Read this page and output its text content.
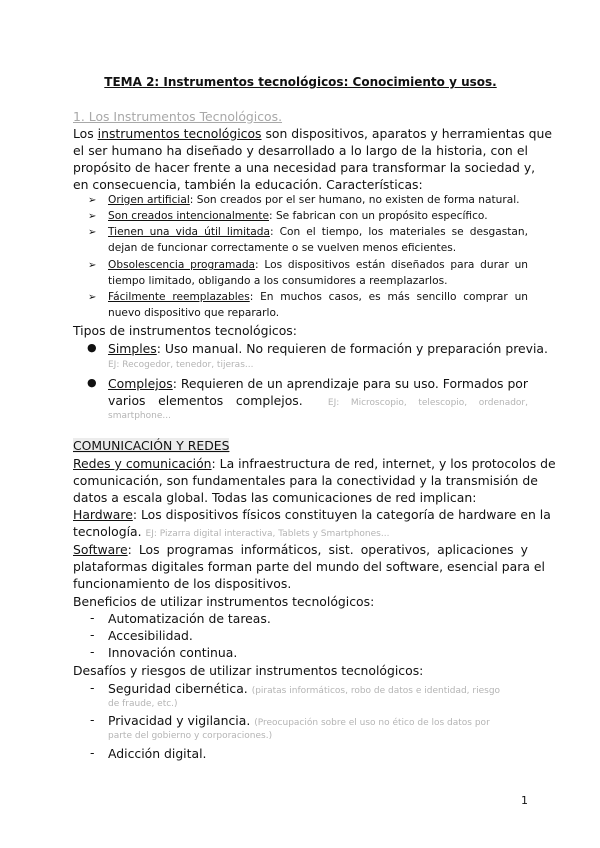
TEMA 2: Instrumentos tecnológicos: Conocimiento y usos.
1. Los Instrumentos Tecnológicos.
Los instrumentos tecnológicos son dispositivos, aparatos y herramientas que
el ser humano ha diseñado y desarrollado a lo largo de la historia, con el
propósito de hacer frente a una necesidad para transformar la sociedad y,
en consecuencia, también la educación. Características:
➢ Origen artificial: Son creados por el ser humano, no existen de forma natural.
➢ Son creados intencionalmente: Se fabrican con un propósito específico.
➢ Tienen una vida útil limitada: Con el tiempo, los materiales se desgastan,
dejan de funcionar correctamente o se vuelven menos eficientes.
➢ Obsolescencia programada: Los dispositivos están diseñados para durar un
tiempo limitado, obligando a los consumidores a reemplazarlos.
➢ Fácilmente reemplazables: En muchos casos, es más sencillo comprar un
nuevo dispositivo que repararlo.
Tipos de instrumentos tecnológicos:
● Simples: Uso manual. No requieren de formación y preparación previa.
EJ: Recogedor, tenedor, tijeras...
● Complejos: Requieren de un aprendizaje para su uso. Formados por
varios elementos complejos.	EJ: Microscopio, telescopio, ordenador,
smartphone...
COMUNICACIÓN Y REDES
Redes y comunicación: La infraestructura de red, internet, y los protocolos de
comunicación, son fundamentales para la conectividad y la transmisión de
datos a escala global. Todas las comunicaciones de red implican:
Hardware: Los dispositivos físicos constituyen la categoría de hardware en la
tecnología. EJ: Pizarra digital interactiva, Tablets y Smartphones...
Software: Los programas informáticos, sist. operativos, aplicaciones y
plataformas digitales forman parte del mundo del software, esencial para el
funcionamiento de los dispositivos.
Beneficios de utilizar instrumentos tecnológicos:
- Automatización de tareas.
- Accesibilidad.
- Innovación continua.
Desafíos y riesgos de utilizar instrumentos tecnológicos:
- Seguridad cibernética. (piratas informáticos, robo de datos e identidad, riesgo
de fraude, etc.)
- Privacidad y vigilancia. (Preocupación sobre el uso no ético de los datos por
parte del gobierno y corporaciones.)
- Adicción digital.
1
